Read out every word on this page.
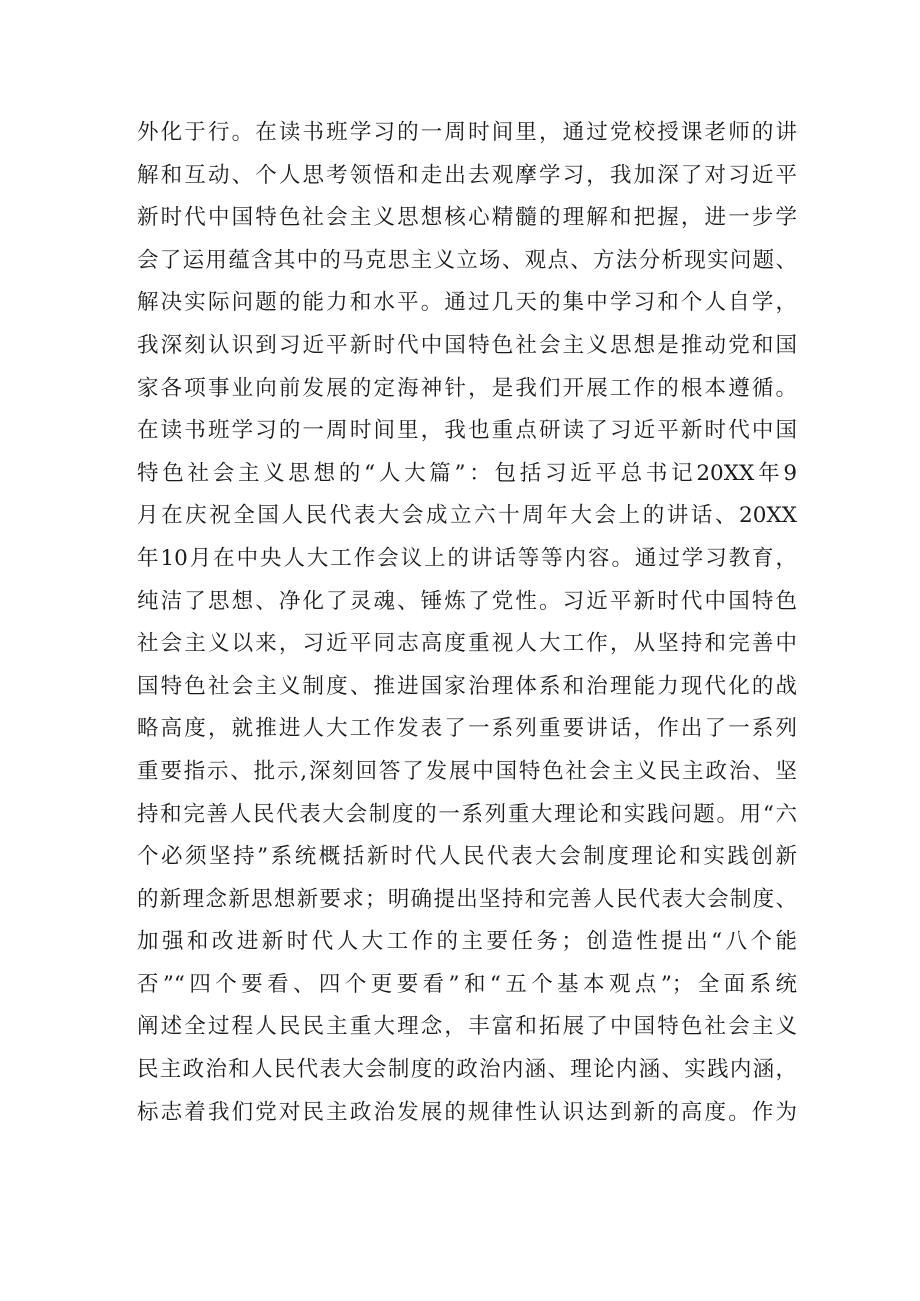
外化于行。在读书班学习的一周时间里，通过党校授课老师的讲
解和互动、个人思考领悟和走出去观摩学习，我加深了对习近平
新时代中国特色社会主义思想核心精髓的理解和把握，进一步学
会了运用蕴含其中的马克思主义立场、观点、方法分析现实问题、
解决实际问题的能力和水平。通过几天的集中学习和个人自学，
我深刻认识到习近平新时代中国特色社会主义思想是推动党和国
家各项事业向前发展的定海神针，是我们开展工作的根本遵循。
在读书班学习的一周时间里，我也重点研读了习近平新时代中国
特色社会主义思想的“人大篇”：包括习近平总书记20XX年9
月在庆祝全国人民代表大会成立六十周年大会上的讲话、20XX
年10月在中央人大工作会议上的讲话等等内容。通过学习教育，
纯洁了思想、净化了灵魂、锤炼了党性。习近平新时代中国特色
社会主义以来，习近平同志高度重视人大工作，从坚持和完善中
国特色社会主义制度、推进国家治理体系和治理能力现代化的战
略高度，就推进人大工作发表了一系列重要讲话，作出了一系列
重要指示、批示,深刻回答了发展中国特色社会主义民主政治、坚
持和完善人民代表大会制度的一系列重大理论和实践问题。用“六
个必须坚持”系统概括新时代人民代表大会制度理论和实践创新
的新理念新思想新要求；明确提出坚持和完善人民代表大会制度、
加强和改进新时代人大工作的主要任务；创造性提出“八个能
否”“四个要看、四个更要看”和“五个基本观点”；全面系统
阐述全过程人民民主重大理念，丰富和拓展了中国特色社会主义
民主政治和人民代表大会制度的政治内涵、理论内涵、实践内涵，
标志着我们党对民主政治发展的规律性认识达到新的高度。作为
